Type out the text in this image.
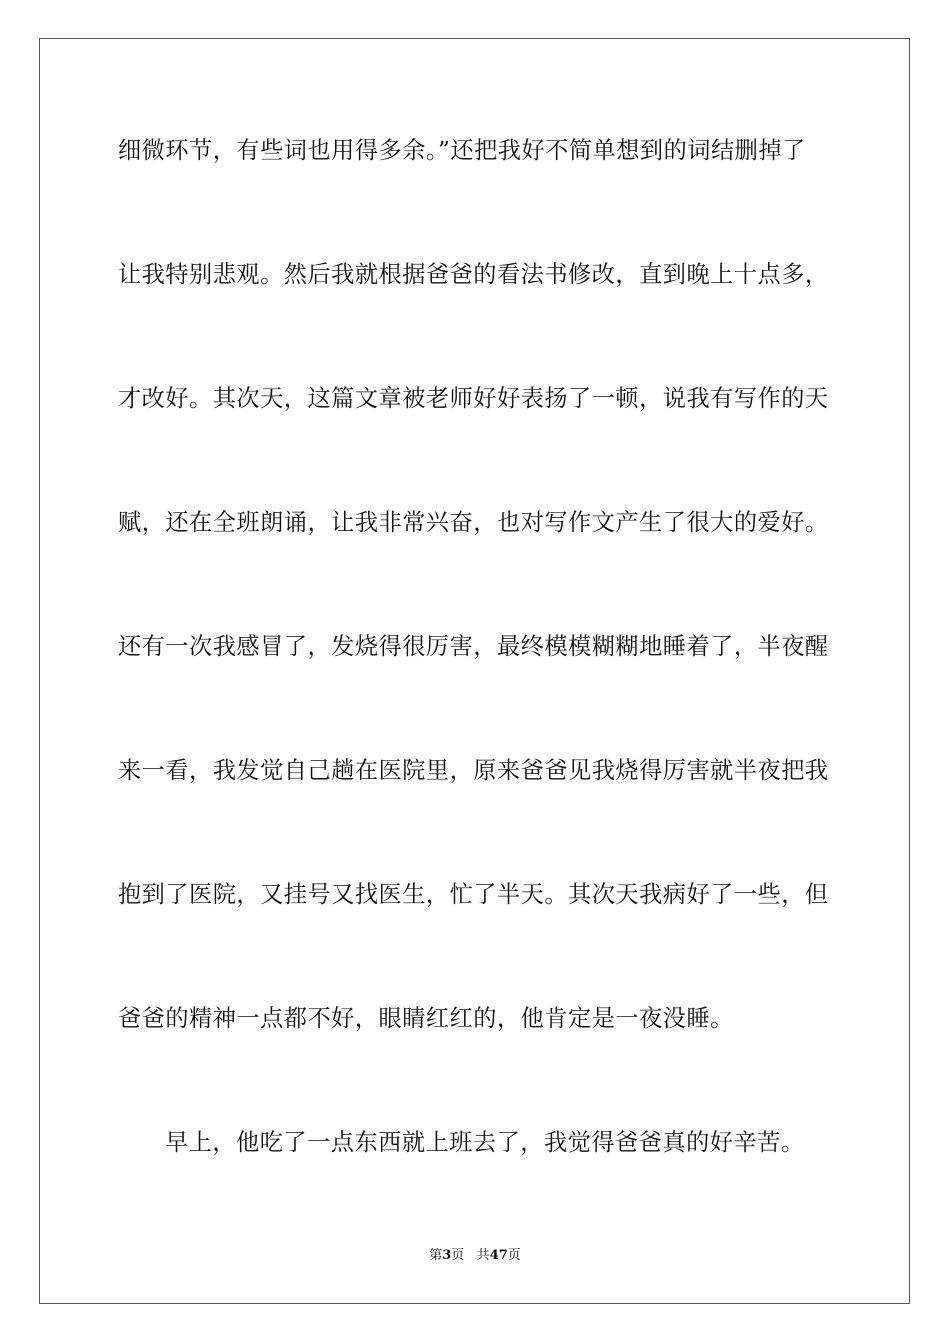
细微环节，有些词也用得多余。”还把我好不简单想到的词结删掉了
让我特别悲观。然后我就根据爸爸的看法书修改，直到晚上十点多，
才改好。其次天，这篇文章被老师好好表扬了一顿，说我有写作的天
赋，还在全班朗诵，让我非常兴奋，也对写作文产生了很大的爱好。
还有一次我感冒了，发烧得很厉害，最终模模糊糊地睡着了，半夜醒
来一看，我发觉自己趟在医院里，原来爸爸见我烧得厉害就半夜把我
抱到了医院，又挂号又找医生，忙了半天。其次天我病好了一些，但
爸爸的精神一点都不好，眼睛红红的，他肯定是一夜没睡。
早上，他吃了一点东西就上班去了，我觉得爸爸真的好辛苦。
第3页 共47页
